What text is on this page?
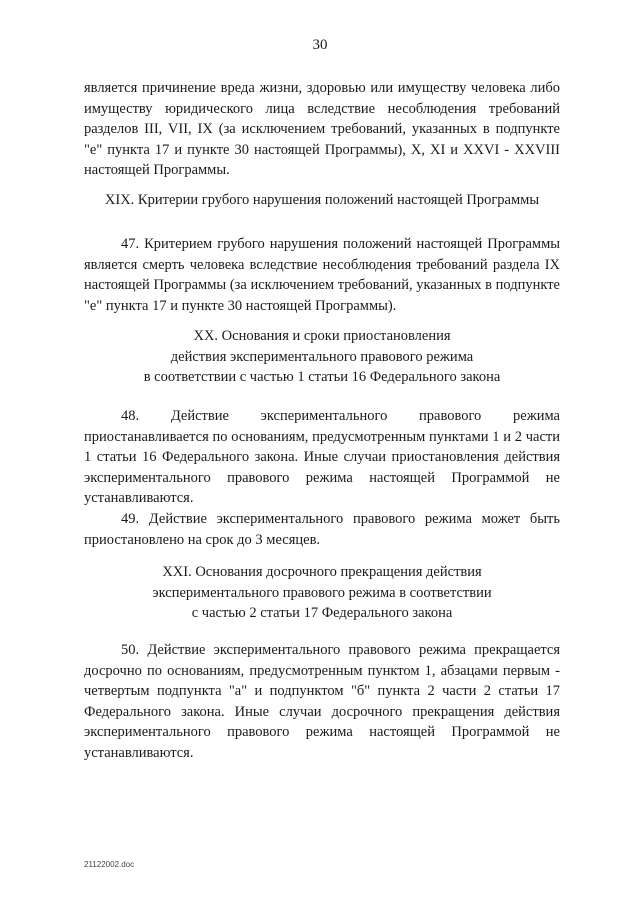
30

является причинение вреда жизни, здоровью или имуществу человека либо имуществу юридического лица вследствие несоблюдения требований разделов III, VII, IX (за исключением требований, указанных в подпункте "е" пункта 17 и пункте 30 настоящей Программы), X, XI и XXVI - XXVIII настоящей Программы.

XIX. Критерии грубого нарушения положений настоящей Программы

47. Критерием грубого нарушения положений настоящей Программы является смерть человека вследствие несоблюдения требований раздела IX настоящей Программы (за исключением требований, указанных в подпункте "е" пункта 17 и пункте 30 настоящей Программы).

XX. Основания и сроки приостановления

действия экспериментального правового режима

в соответствии с частью 1 статьи 16 Федерального закона

48. Действие экспериментального правового режима приостанавливается по основаниям, предусмотренным пунктами 1 и 2 части 1 статьи 16 Федерального закона. Иные случаи приостановления действия экспериментального правового режима настоящей Программой не устанавливаются.

49. Действие экспериментального правового режима может быть приостановлено на срок до 3 месяцев.

XXI. Основания досрочного прекращения действия

экспериментального правового режима в соответствии

с частью 2 статьи 17 Федерального закона

50. Действие экспериментального правового режима прекращается досрочно по основаниям, предусмотренным пунктом 1, абзацами первым - четвертым подпункта "а" и подпунктом "б" пункта 2 части 2 статьи 17 Федерального закона. Иные случаи досрочного прекращения действия экспериментального правового режима настоящей Программой не устанавливаются.

21122002.doc
